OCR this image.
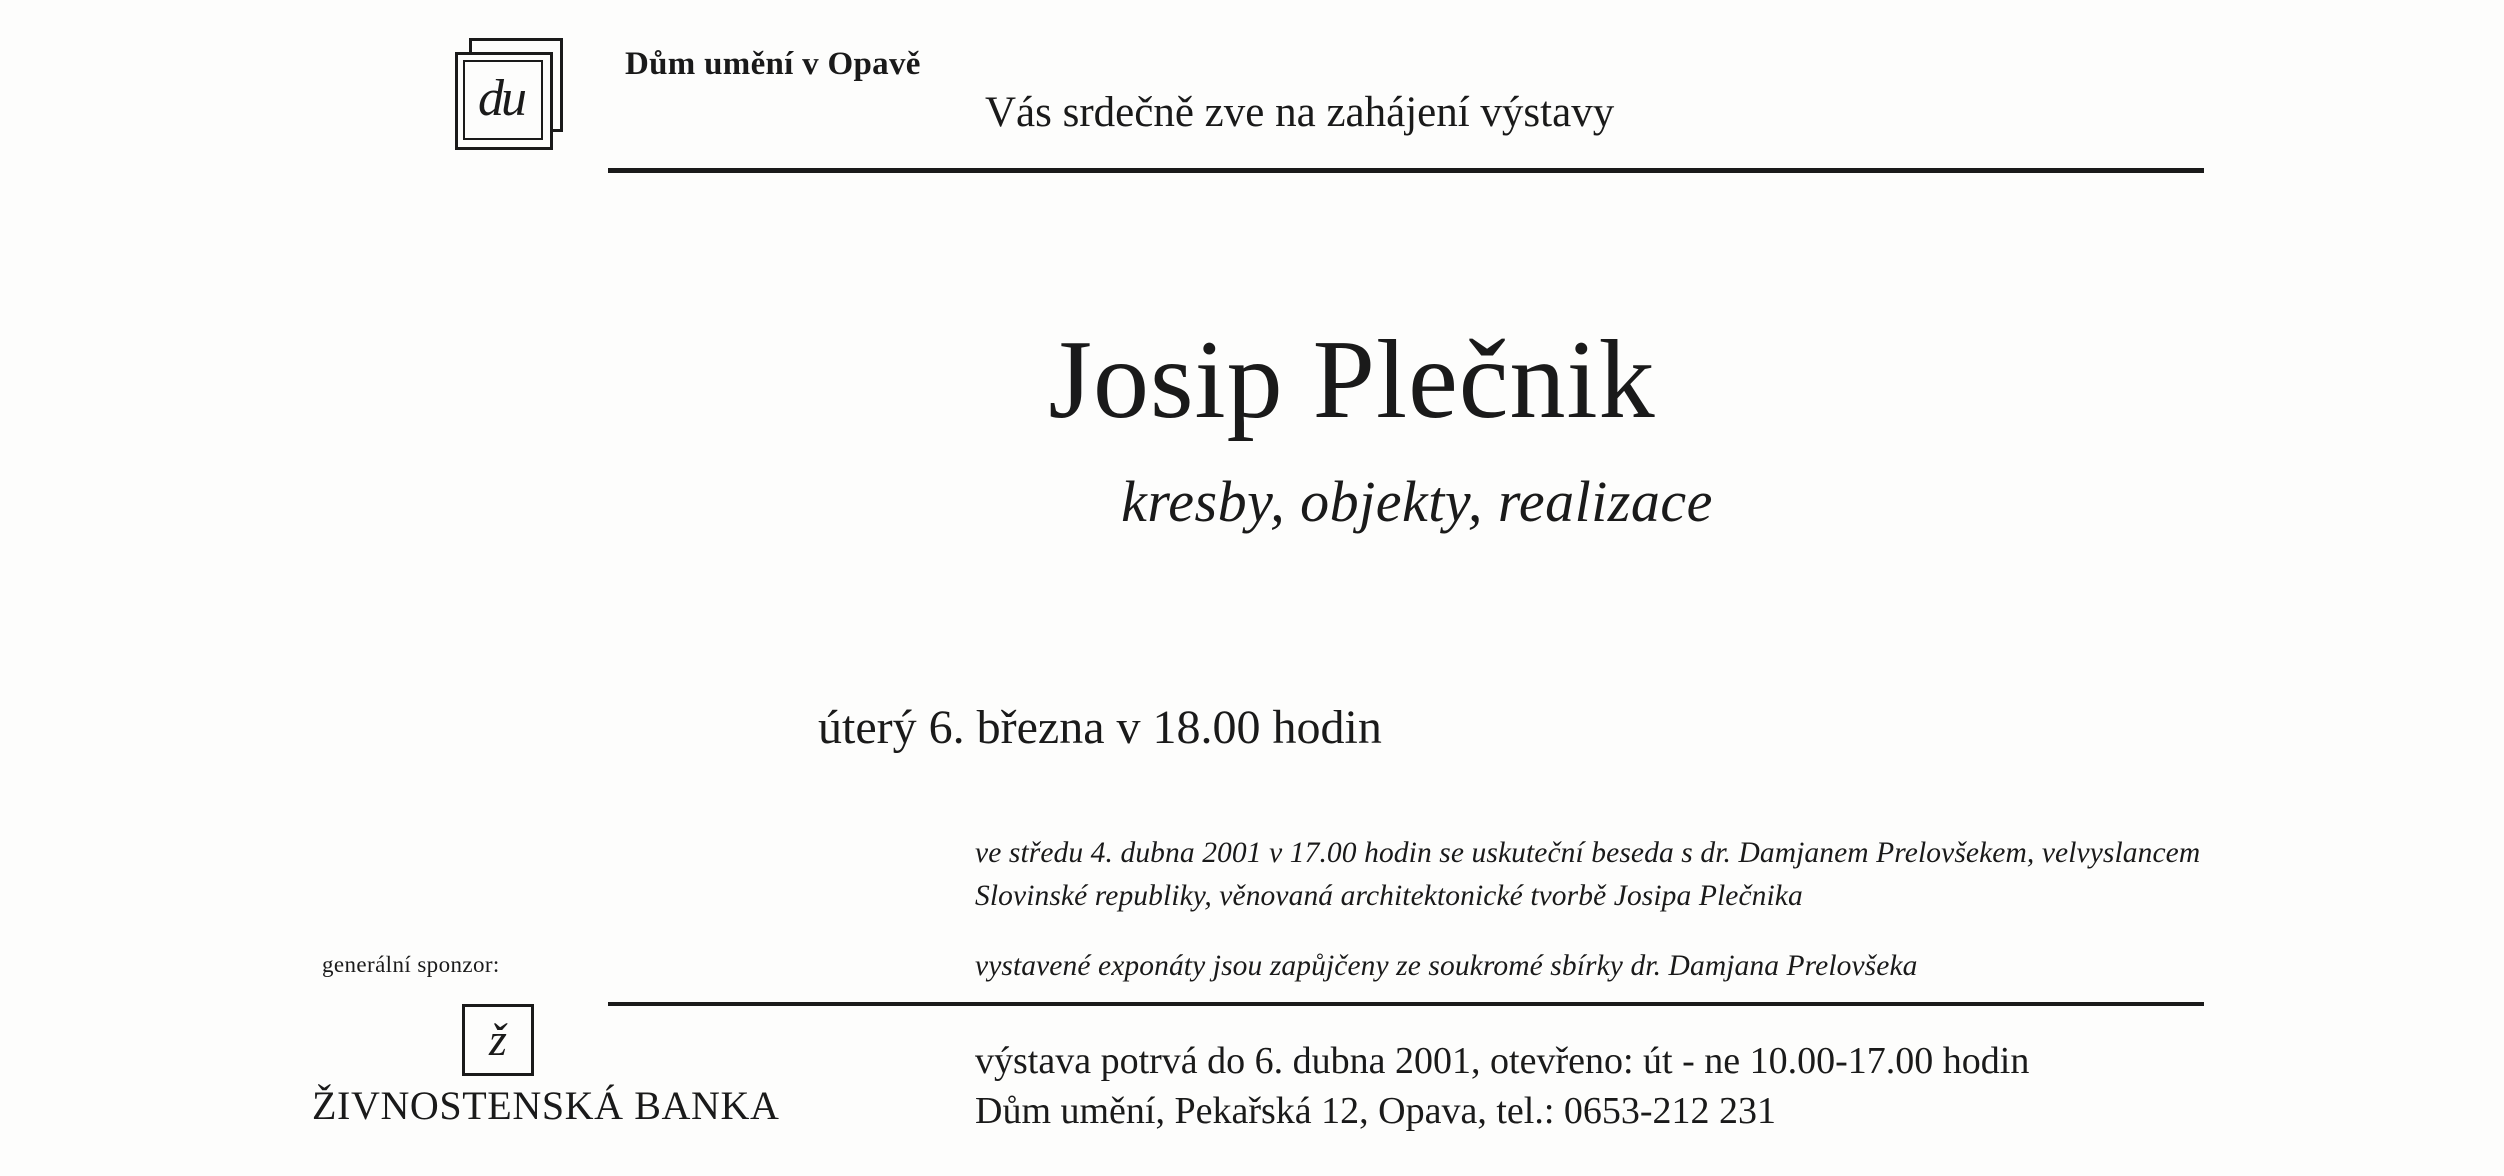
du
Dům umění v Opavě
Vás srdečně zve na zahájení výstavy
Josip Plečnik
kresby, objekty, realizace
úterý 6. března v 18.00 hodin

ve středu 4. dubna 2001 v 17.00 hodin se uskuteční beseda s dr. Damjanem Prelovšekem, velvyslancem Slovinské republiky, věnovaná architektonické tvorbě Josipa Plečnika

vystavené exponáty jsou zapůjčeny ze soukromé sbírky dr. Damjana Prelovšeka

generální sponzor:
ž
ŽIVNOSTENSKÁ BANKA
výstava potrvá do 6. dubna 2001, otevřeno: út - ne 10.00-17.00 hodin
Dům umění, Pekařská 12, Opava, tel.: 0653-212 231
